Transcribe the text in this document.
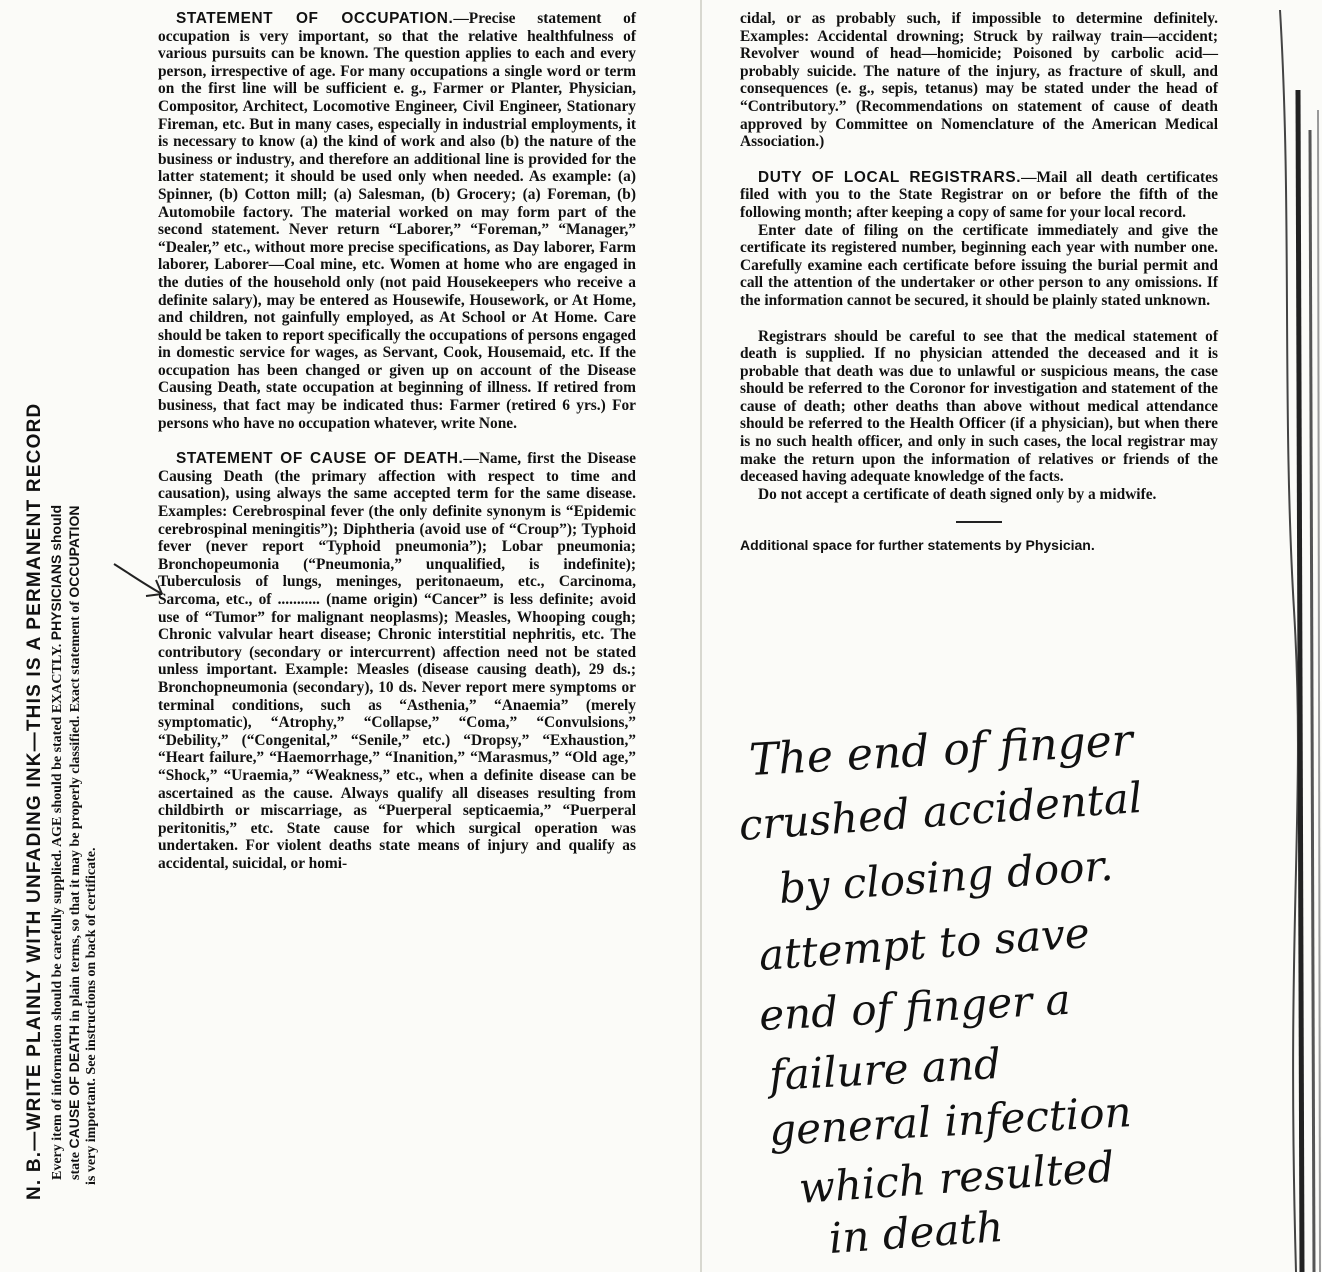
N. B.—WRITE PLAINLY WITH UNFADING INK—THIS IS A PERMANENT RECORD Every item of information should be carefully supplied. AGE should be stated EXACTLY. PHYSICIANS should
state CAUSE OF DEATH in plain terms, so that it may be properly classified. Exact statement of OCCUPATION
is very important. See instructions on back of certificate.

STATEMENT OF OCCUPATION.—Precise statement of occupation is very important, so that the relative healthfulness of various pursuits can be known. The question applies to each and every person, irrespective of age. For many occupations a single word or term on the first line will be sufficient e. g., Farmer or Planter, Physician, Compositor, Architect, Locomotive Engineer, Civil Engineer, Stationary Fireman, etc. But in many cases, especially in industrial employments, it is necessary to know (a) the kind of work and also (b) the nature of the business or industry, and therefore an additional line is provided for the latter statement; it should be used only when needed. As example: (a) Spinner, (b) Cotton mill; (a) Salesman, (b) Grocery; (a) Foreman, (b) Automobile factory. The material worked on may form part of the second statement. Never return “Laborer,” “Foreman,” “Manager,” “Dealer,” etc., without more precise specifications, as Day laborer, Farm laborer, Laborer—Coal mine, etc. Women at home who are engaged in the duties of the household only (not paid Housekeepers who receive a definite salary), may be entered as Housewife, Housework, or At Home, and children, not gainfully employed, as At School or At Home. Care should be taken to report specifically the occupations of persons engaged in domestic service for wages, as Servant, Cook, Housemaid, etc. If the occupation has been changed or given up on account of the Disease Causing Death, state occupation at beginning of illness. If retired from business, that fact may be indicated thus: Farmer (retired 6 yrs.) For persons who have no occupation whatever, write None.

STATEMENT OF CAUSE OF DEATH.—Name, first the Disease Causing Death (the primary affection with respect to time and causation), using always the same accepted term for the same disease. Examples: Cerebrospinal fever (the only definite synonym is “Epidemic cerebrospinal meningitis”); Diphtheria (avoid use of “Croup”); Typhoid fever (never report “Typhoid pneumonia”); Lobar pneumonia; Bronchopeumonia (“Pneumonia,” unqualified, is indefinite); Tuberculosis of lungs, meninges, peritonaeum, etc., Carcinoma, Sarcoma, etc., of ........... (name origin) “Cancer” is less definite; avoid use of “Tumor” for malignant neoplasms); Measles, Whooping cough; Chronic valvular heart disease; Chronic interstitial nephritis, etc. The contributory (secondary or intercurrent) affection need not be stated unless important. Example: Measles (disease causing death), 29 ds.; Bronchopneumonia (secondary), 10 ds. Never report mere symptoms or terminal conditions, such as “Asthenia,” “Anaemia” (merely symptomatic), “Atrophy,” “Collapse,” “Coma,” “Convulsions,” “Debility,” (“Congenital,” “Senile,” etc.) “Dropsy,” “Exhaustion,” “Heart failure,” “Haemorrhage,” “Inanition,” “Marasmus,” “Old age,” “Shock,” “Uraemia,” “Weakness,” etc., when a definite disease can be ascertained as the cause. Always qualify all diseases resulting from childbirth or miscarriage, as “Puerperal septicaemia,” “Puerperal peritonitis,” etc. State cause for which surgical operation was undertaken. For violent deaths state means of injury and qualify as accidental, suicidal, or homi-

cidal, or as probably such, if impossible to determine definitely. Examples: Accidental drowning; Struck by railway train—accident; Revolver wound of head—homicide; Poisoned by carbolic acid—probably suicide. The nature of the injury, as fracture of skull, and consequences (e. g., sepis, tetanus) may be stated under the head of “Contributory.” (Recommendations on statement of cause of death approved by Committee on Nomenclature of the American Medical Association.)

DUTY OF LOCAL REGISTRARS.—Mail all death certificates filed with you to the State Registrar on or before the fifth of the following month; after keeping a copy of same for your local record.

Enter date of filing on the certificate immediately and give the certificate its registered number, beginning each year with number one. Carefully examine each certificate before issuing the burial permit and call the attention of the undertaker or other person to any omissions. If the information cannot be secured, it should be plainly stated unknown.

Registrars should be careful to see that the medical statement of death is supplied. If no physician attended the deceased and it is probable that death was due to unlawful or suspicious means, the case should be referred to the Coronor for investigation and statement of the cause of death; other deaths than above without medical attendance should be referred to the Health Officer (if a physician), but when there is no such health officer, and only in such cases, the local registrar may make the return upon the information of relatives or friends of the deceased having adequate knowledge of the facts.

Do not accept a certificate of death signed only by a midwife.

Additional space for further statements by Physician.
The end of finger
crushed accidental
by closing door.
attempt to save
end of finger a
failure and
general infection
which resulted
in death
